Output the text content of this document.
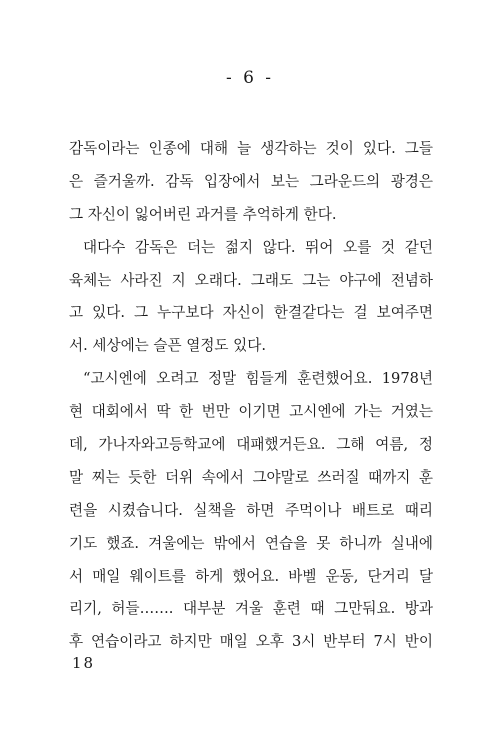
- 6 -
감독이라는 인종에 대해 늘 생각하는 것이 있다. 그들
은 즐거울까. 감독 입장에서 보는 그라운드의 광경은
그 자신이 잃어버린 과거를 추억하게 한다.
대다수 감독은 더는 젊지 않다. 뛰어 오를 것 같던
육체는 사라진 지 오래다. 그래도 그는 야구에 전념하
고 있다. 그 누구보다 자신이 한결같다는 걸 보여주면
서. 세상에는 슬픈 열정도 있다.
“고시엔에 오려고 정말 힘들게 훈련했어요. 1978년
현 대회에서 딱 한 번만 이기면 고시엔에 가는 거였는
데, 가나자와고등학교에 대패했거든요. 그해 여름, 정
말 찌는 듯한 더위 속에서 그야말로 쓰러질 때까지 훈
련을 시켰습니다. 실책을 하면 주먹이나 배트로 때리
기도 했죠. 겨울에는 밖에서 연습을 못 하니까 실내에
서 매일 웨이트를 하게 했어요. 바벨 운동, 단거리 달
리기, 허들……. 대부분 겨울 훈련 때 그만둬요. 방과
후 연습이라고 하지만 매일 오후 3시 반부터 7시 반이
18
